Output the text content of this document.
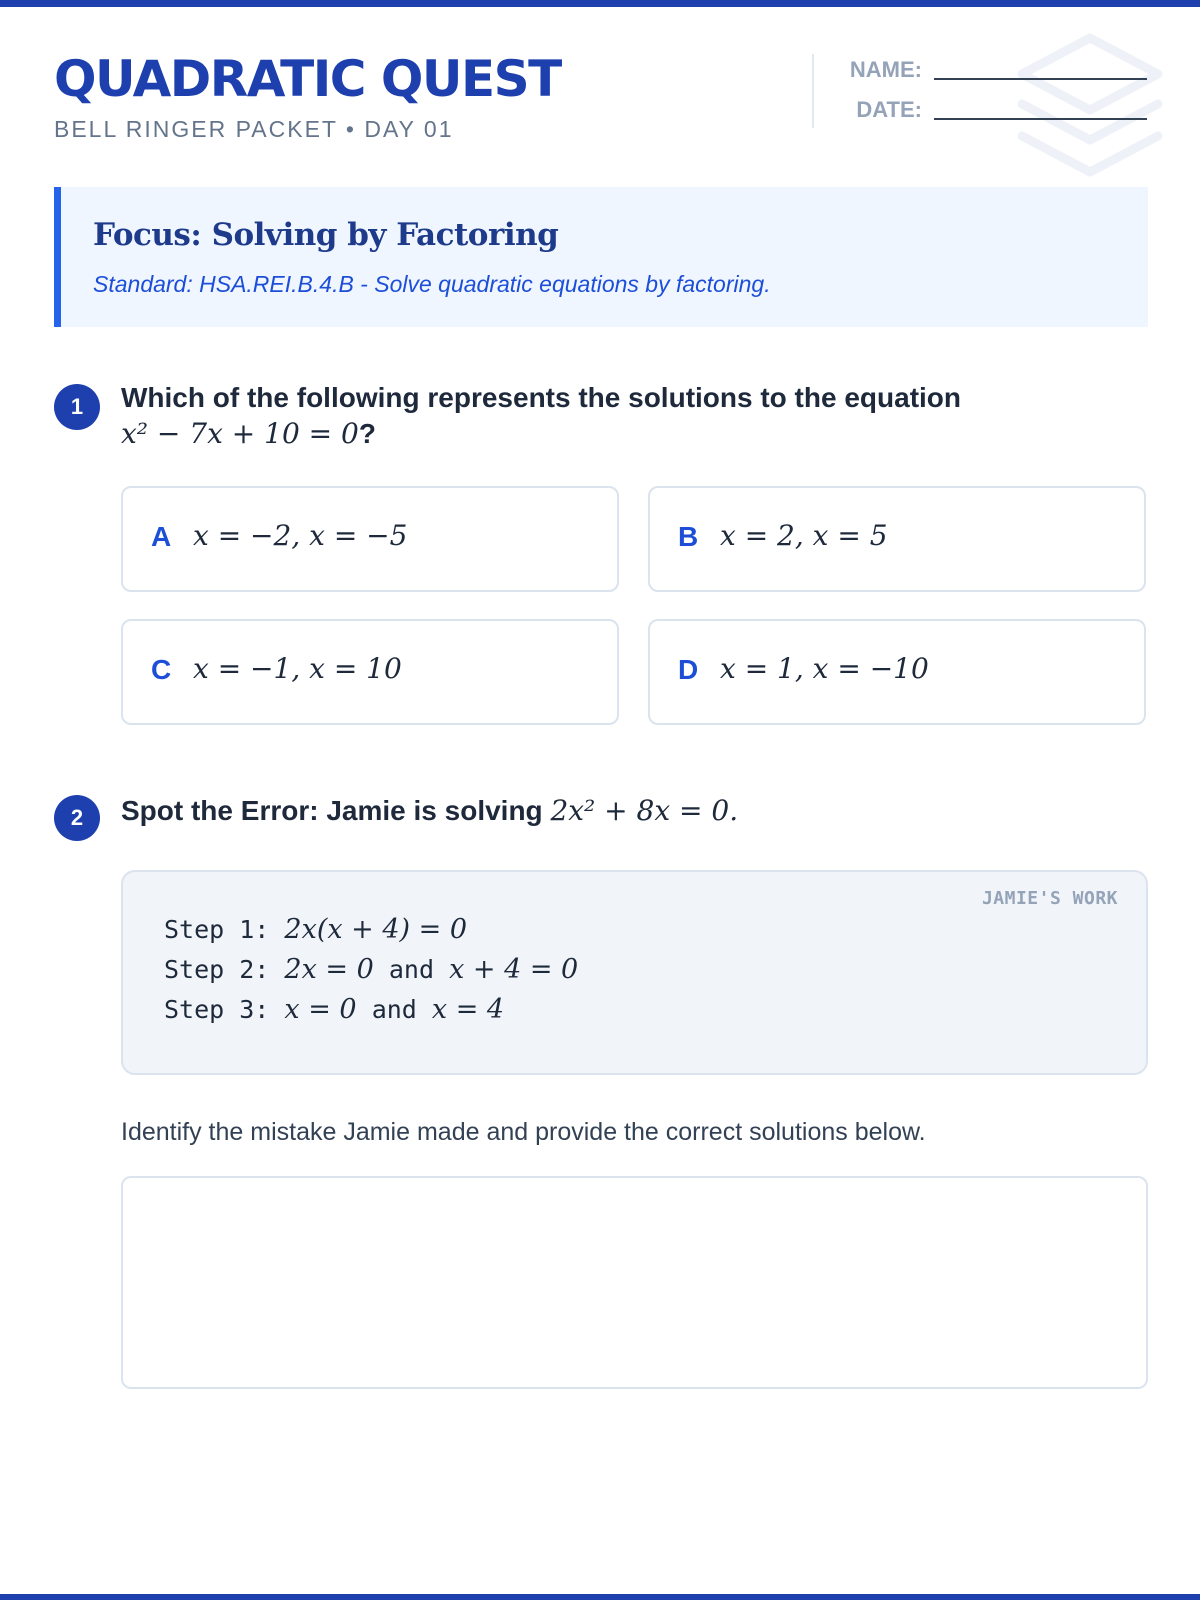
QUADRATIC QUEST
BELL RINGER PACKET • DAY 01
NAME:
DATE:
Focus: Solving by Factoring
Standard: HSA.REI.B.4.B - Solve quadratic equations by factoring.
1	Which of the following represents the solutions to the equation
x² − 7x + 10 = 0?
A x = −2, x = −5	B x = 2, x = 5
C x = −1, x = 10	D x = 1, x = −10
2	Spot the Error: Jamie is solving 2x² + 8x = 0.
JAMIE'S WORK
Step 1: 2x(x + 4) = 0
Step 2: 2x = 0 and x + 4 = 0
Step 3: x = 0 and x = 4
Identify the mistake Jamie made and provide the correct solutions below.
